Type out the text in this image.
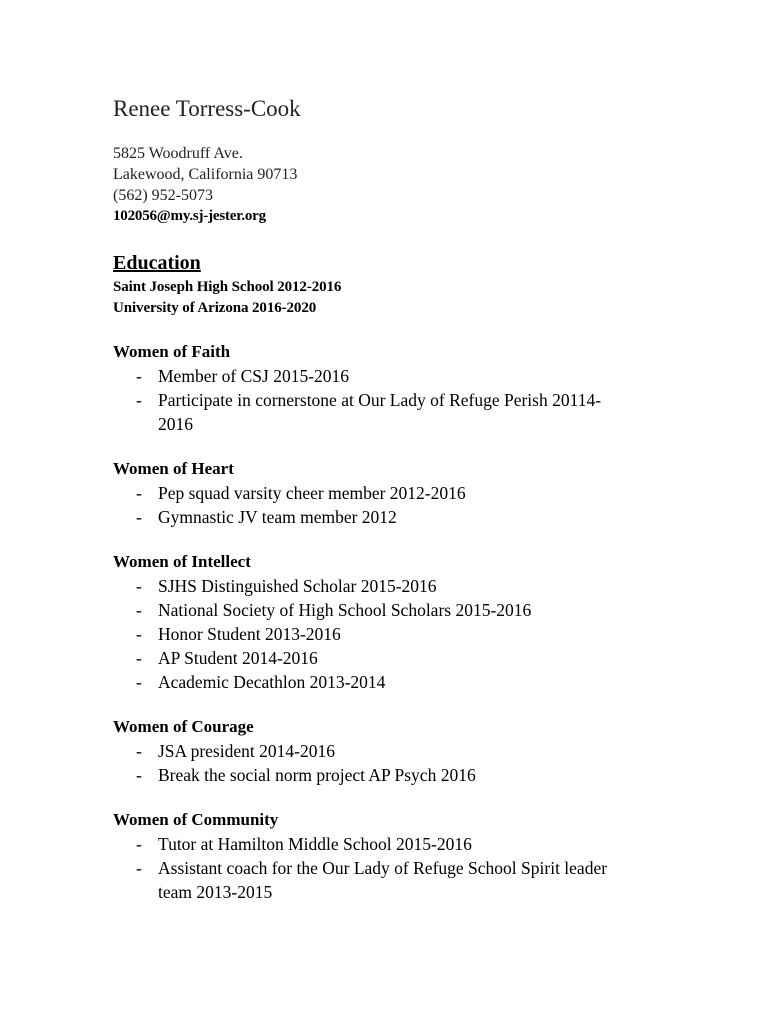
Renee Torress-Cook
5825 Woodruff Ave.
Lakewood, California 90713
(562) 952-5073
102056@my.sj-jester.org
Education
Saint Joseph High School 2012-2016
University of Arizona 2016-2020
Women of Faith
- Member of CSJ 2015-2016
- Participate in cornerstone at Our Lady of Refuge Perish 20114-2016
Women of Heart
- Pep squad varsity cheer member 2012-2016
- Gymnastic JV team member 2012
Women of Intellect
- SJHS Distinguished Scholar 2015-2016
- National Society of High School Scholars 2015-2016
- Honor Student 2013-2016
- AP Student 2014-2016
- Academic Decathlon 2013-2014
Women of Courage
- JSA president 2014-2016
- Break the social norm project AP Psych 2016
Women of Community
- Tutor at Hamilton Middle School 2015-2016
- Assistant coach for the Our Lady of Refuge School Spirit leader team 2013-2015
